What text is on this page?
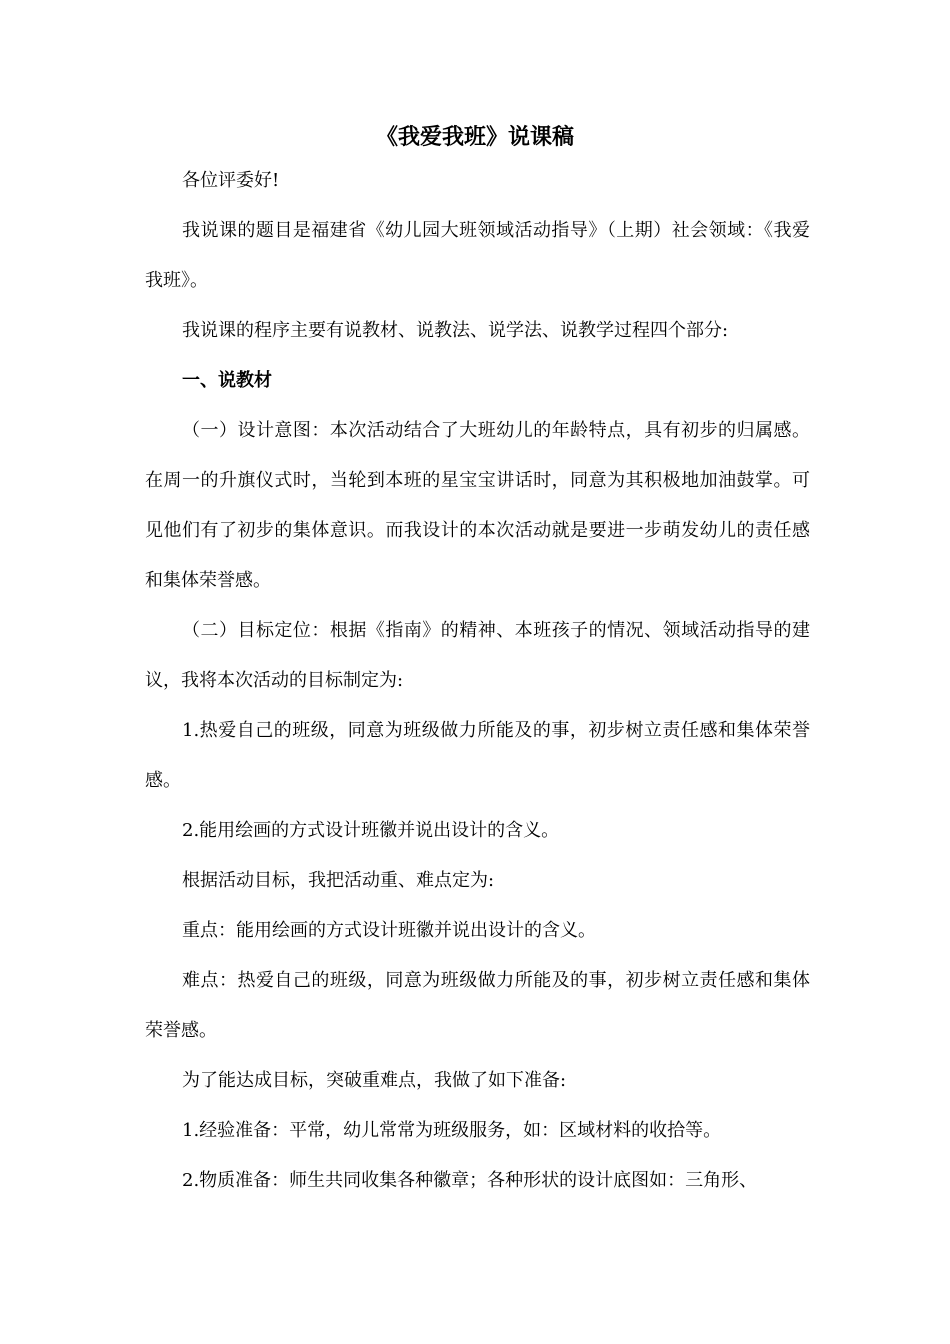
《我爱我班》说课稿

各位评委好!

我说课的题目是福建省《幼儿园大班领域活动指导》（上期）社会领域：《我爱我班》。

我说课的程序主要有说教材、说教法、说学法、说教学过程四个部分:

一、说教材

（一）设计意图：本次活动结合了大班幼儿的年龄特点，具有初步的归属感。在周一的升旗仪式时，当轮到本班的星宝宝讲话时，同意为其积极地加油鼓掌。可见他们有了初步的集体意识。而我设计的本次活动就是要进一步萌发幼儿的责任感和集体荣誉感。

（二）目标定位：根据《指南》的精神、本班孩子的情况、领域活动指导的建议，我将本次活动的目标制定为:

1.热爱自己的班级，同意为班级做力所能及的事，初步树立责任感和集体荣誉感。

2.能用绘画的方式设计班徽并说出设计的含义。

根据活动目标，我把活动重、难点定为:

重点：能用绘画的方式设计班徽并说出设计的含义。

难点：热爱自己的班级，同意为班级做力所能及的事，初步树立责任感和集体荣誉感。

为了能达成目标，突破重难点，我做了如下准备:

1.经验准备：平常，幼儿常常为班级服务，如：区域材料的收拾等。

2.物质准备：师生共同收集各种徽章；各种形状的设计底图如：三角形、
